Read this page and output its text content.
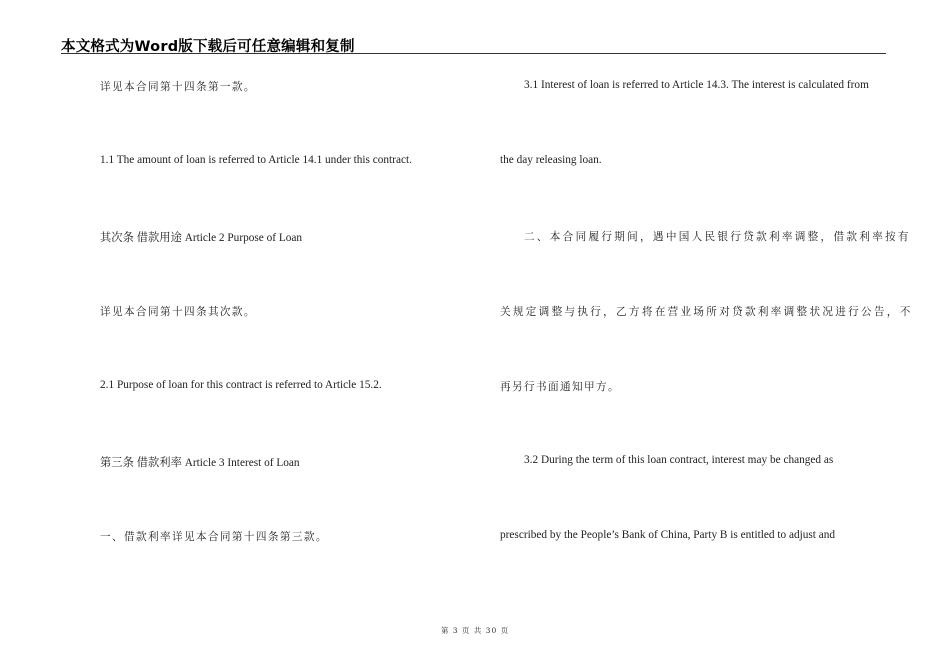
本文格式为Word版下载后可任意编辑和复制
详见本合同第十四条第一款。
1.1 The amount of loan is referred to Article 14.1 under this contract.
其次条 借款用途 Article 2 Purpose of Loan
详见本合同第十四条其次款。
2.1 Purpose of loan for this contract is referred to Article 15.2.
第三条 借款利率 Article 3 Interest of Loan
一、借款利率详见本合同第十四条第三款。
3.1 Interest of loan is referred to Article 14.3. The interest is calculated from
the day releasing loan.
二、本合同履行期间，遇中国人民银行贷款利率调整，借款利率按有
关规定调整与执行，乙方将在营业场所对贷款利率调整状况进行公告，不
再另行书面通知甲方。
3.2 During the term of this loan contract, interest may be changed as
prescribed by the People’s Bank of China, Party B is entitled to adjust and
第 3 页 共 30 页
